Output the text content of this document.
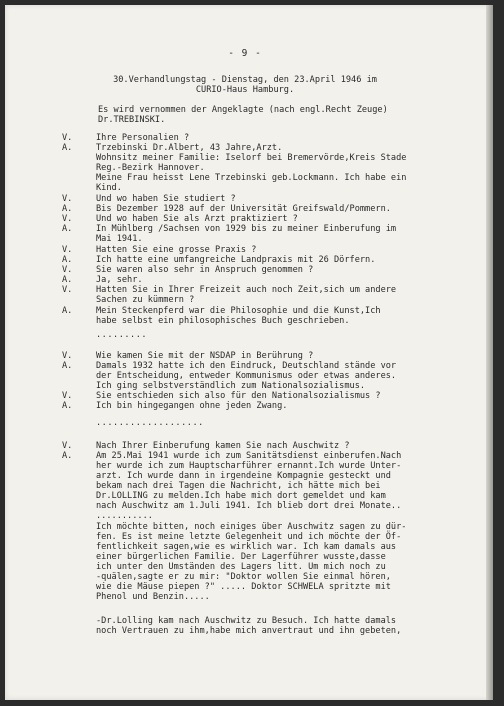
- 9 -
30.Verhandlungstag - Dienstag, den 23.April 1946 im
CURIO-Haus Hamburg.
Es wird vernommen der Angeklagte (nach engl.Recht Zeuge)
Dr.TREBINSKI.
V.	Ihre Personalien ?
A.	Trzebinski Dr.Albert, 43 Jahre,Arzt.
Wohnsitz meiner Familie: Iselorf bei Bremervörde,Kreis Stade
Reg.-Bezirk Hannover.
Meine Frau heisst Lene Trzebinski geb.Lockmann. Ich habe ein
Kind.
V.	Und wo haben Sie studiert ?
A.	Bis Dezember 1928 auf der Universität Greifswald/Pommern.
V.	Und wo haben Sie als Arzt praktiziert ?
A.	In Mühlberg /Sachsen von 1929 bis zu meiner Einberufung im
Mai 1941.
V.	Hatten Sie eine grosse Praxis ?
A.	Ich hatte eine umfangreiche Landpraxis mit 26 Dörfern.
V.	Sie waren also sehr in Anspruch genommen ?
A.	Ja, sehr.
V.	Hatten Sie in Ihrer Freizeit auch noch Zeit,sich um andere
Sachen zu kümmern ?
A.	Mein Steckenpferd war die Philosophie und die Kunst,Ich
habe selbst ein philosophisches Buch geschrieben.
.........
V.	Wie kamen Sie mit der NSDAP in Berührung ?
A.	Damals 1932 hatte ich den Eindruck, Deutschland stände vor
der Entscheidung, entweder Kommunismus oder etwas anderes.
Ich ging selbstverständlich zum Nationalsozialismus.
V.	Sie entschieden sich also für den Nationalsozialismus ?
A.	Ich bin hingegangen ohne jeden Zwang.
...................
V.	Nach Ihrer Einberufung kamen Sie nach Auschwitz ?
A.	Am 25.Mai 1941 wurde ich zum Sanitätsdienst einberufen.Nach
her wurde ich zum Hauptscharführer ernannt.Ich wurde Unter-
arzt. Ich wurde dann in irgendeine Kompagnie gesteckt und
bekam nach drei Tagen die Nachricht, ich hätte mich bei
Dr.LOLLING zu melden.Ich habe mich dort gemeldet und kam
nach Auschwitz am 1.Juli 1941. Ich blieb dort drei Monate..
...........
Ich möchte bitten, noch einiges über Auschwitz sagen zu dür-
fen. Es ist meine letzte Gelegenheit und ich möchte der Öf-
fentlichkeit sagen,wie es wirklich war. Ich kam damals aus
einer bürgerlichen Familie. Der Lagerführer wusste,dasse
ich unter den Umständen des Lagers litt. Um mich noch zu
-quälen,sagte er zu mir: "Doktor wollen Sie einmal hören,
wie die Mäuse piepen ?" ..... Doktor SCHWELA spritzte mit
Phenol und Benzin.....
-Dr.Lolling kam nach Auschwitz zu Besuch. Ich hatte damals
noch Vertrauen zu ihm,habe mich anvertraut und ihn gebeten,
